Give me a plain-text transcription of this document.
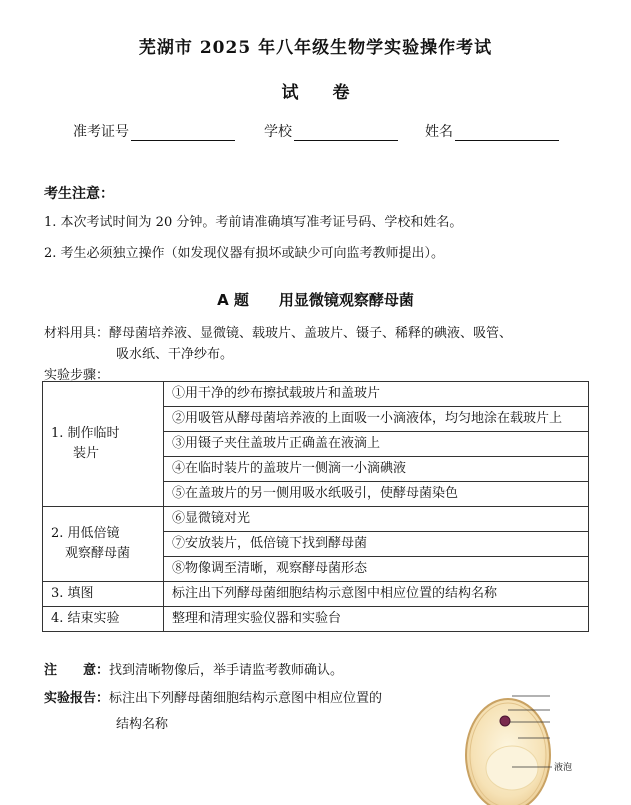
芜湖市 2025 年八年级生物学实验操作考试
试　　卷
准考证号	学校	姓名
考生注意：
1. 本次考试时间为 20 分钟。考前请准确填写准考证号码、学校和姓名。
2. 考生必须独立操作（如发现仪器有损坏或缺少可向监考教师提出）。
A 题　　用显微镜观察酵母菌
材料用具：酵母菌培养液、显微镜、载玻片、盖玻片、镊子、稀释的碘液、吸管、
吸水纸、干净纱布。
实验步骤：
1. 制作临时
装片	①用干净的纱布擦拭载玻片和盖玻片
	②用吸管从酵母菌培养液的上面吸一小滴液体，均匀地涂在载玻片上
	③用镊子夹住盖玻片正确盖在液滴上
	④在临时装片的盖玻片一侧滴一小滴碘液
	⑤在盖玻片的另一侧用吸水纸吸引，使酵母菌染色
2. 用低倍镜
观察酵母菌	⑥显微镜对光
	⑦安放装片，低倍镜下找到酵母菌
	⑧物像调至清晰，观察酵母菌形态
3. 填图	标注出下列酵母菌细胞结构示意图中相应位置的结构名称
4. 结束实验	整理和清理实验仪器和实验台
注　　意：找到清晰物像后，举手请监考教师确认。
实验报告：标注出下列酵母菌细胞结构示意图中相应位置的
结构名称
液泡
